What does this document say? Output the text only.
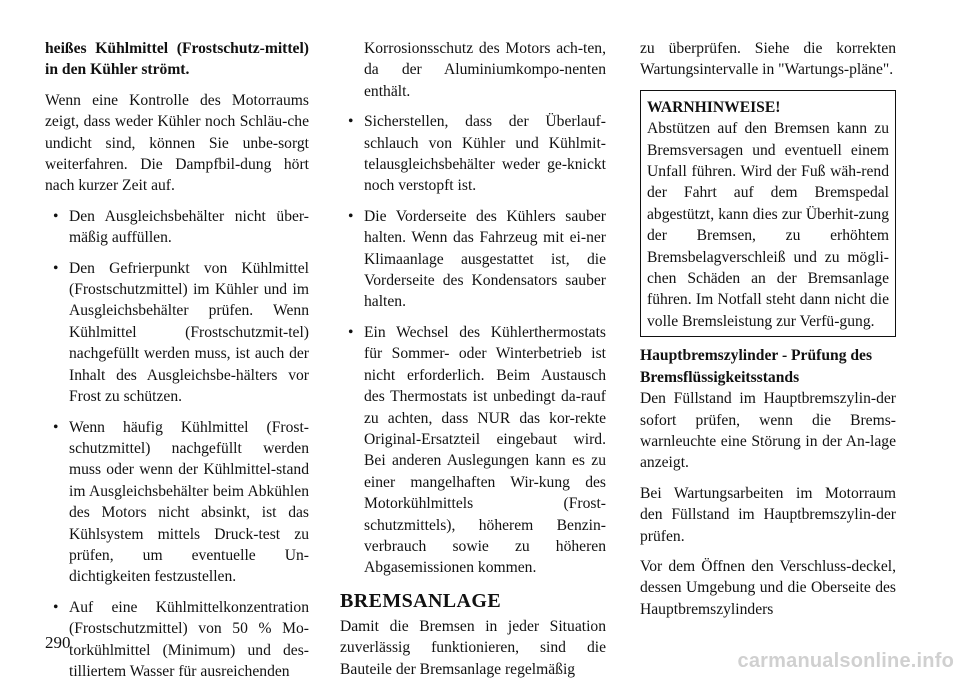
heißes Kühlmittel (Frostschutz-mittel) in den Kühler strömt.

Wenn eine Kontrolle des Motorraums zeigt, dass weder Kühler noch Schläu-che undicht sind, können Sie unbe-sorgt weiterfahren. Die Dampfbil-dung hört nach kurzer Zeit auf.

• Den Ausgleichsbehälter nicht über-mäßig auffüllen.
• Den Gefrierpunkt von Kühlmittel (Frostschutzmittel) im Kühler und im Ausgleichsbehälter prüfen. Wenn Kühlmittel (Frostschutzmit-tel) nachgefüllt werden muss, ist auch der Inhalt des Ausgleichsbe-hälters vor Frost zu schützen.
• Wenn häufig Kühlmittel (Frost-schutzmittel) nachgefüllt werden muss oder wenn der Kühlmittel-stand im Ausgleichsbehälter beim Abkühlen des Motors nicht absinkt, ist das Kühlsystem mittels Druck-test zu prüfen, um eventuelle Un-dichtigkeiten festzustellen.
• Auf eine Kühlmittelkonzentration (Frostschutzmittel) von 50 % Mo-torkühlmittel (Minimum) und des-tilliertem Wasser für ausreichenden

Korrosionsschutz des Motors ach-ten, da der Aluminiumkompo-nenten enthält.

• Sicherstellen, dass der Überlauf-schlauch von Kühler und Kühlmit-telausgleichsbehälter weder ge-knickt noch verstopft ist.
• Die Vorderseite des Kühlers sauber halten. Wenn das Fahrzeug mit ei-ner Klimaanlage ausgestattet ist, die Vorderseite des Kondensators sauber halten.
• Ein Wechsel des Kühlerthermostats für Sommer- oder Winterbetrieb ist nicht erforderlich. Beim Austausch des Thermostats ist unbedingt da-rauf zu achten, dass NUR das kor-rekte Original-Ersatzteil eingebaut wird. Bei anderen Auslegungen kann es zu einer mangelhaften Wir-kung des Motorkühlmittels (Frost-schutzmittels), höherem Benzin-verbrauch sowie zu höheren Abgasemissionen kommen.
BREMSANLAGE

Damit die Bremsen in jeder Situation zuverlässig funktionieren, sind die Bauteile der Bremsanlage regelmäßig

zu überprüfen. Siehe die korrekten Wartungsintervalle in "Wartungs-pläne".

WARNHINWEISE!

Abstützen auf den Bremsen kann zu Bremsversagen und eventuell einem Unfall führen. Wird der Fuß wäh-rend der Fahrt auf dem Bremspedal abgestützt, kann dies zur Überhit-zung der Bremsen, zu erhöhtem Bremsbelagverschleiß und zu mögli-chen Schäden an der Bremsanlage führen. Im Notfall steht dann nicht die volle Bremsleistung zur Verfü-gung.

Hauptbremszylinder - Prüfung des Bremsflüssigkeitsstands

Den Füllstand im Hauptbremszylin-der sofort prüfen, wenn die Brems-warnleuchte eine Störung in der An-lage anzeigt.

Bei Wartungsarbeiten im Motorraum den Füllstand im Hauptbremszylin-der prüfen.

Vor dem Öffnen den Verschluss-deckel, dessen Umgebung und die Oberseite des Hauptbremszylinders

290
carmanualsonline.info
